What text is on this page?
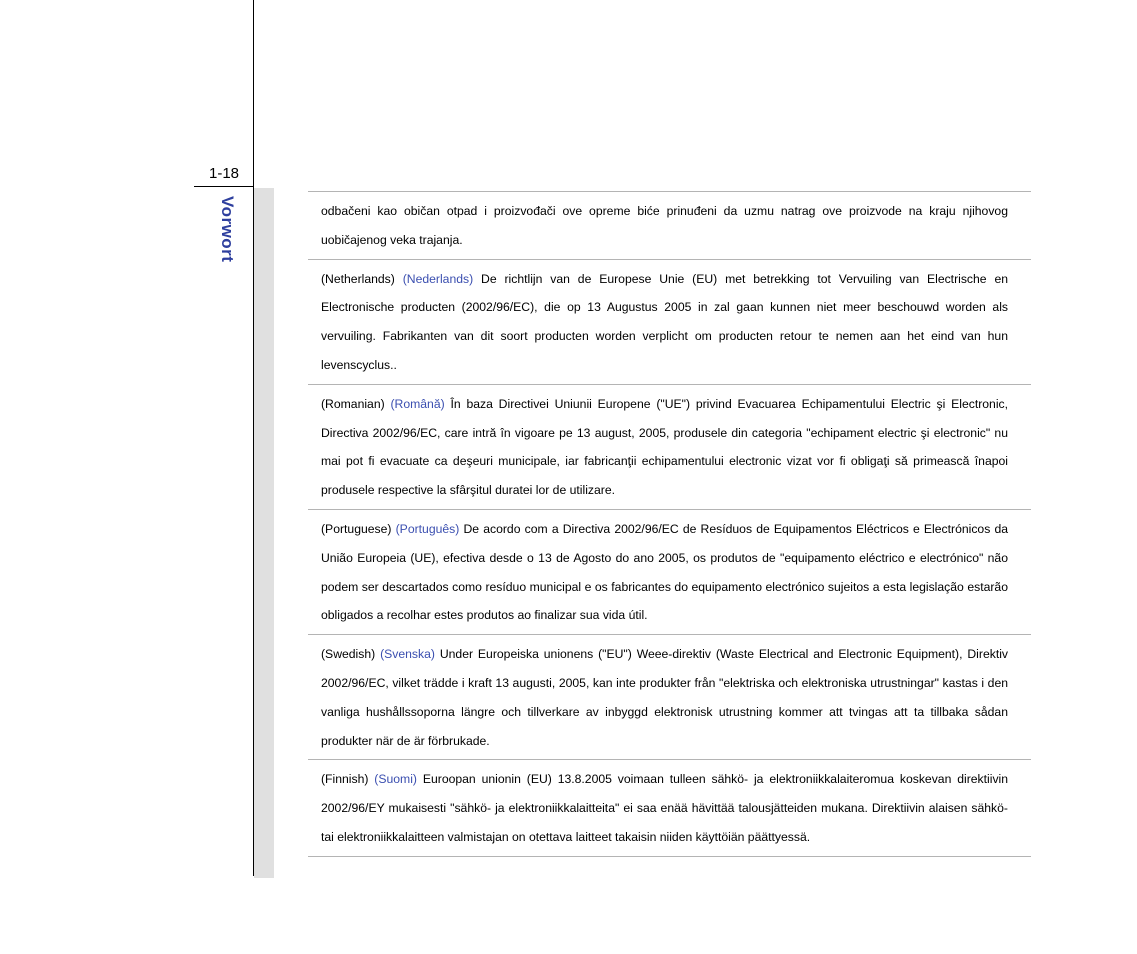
1-18
Vorwort	odbačeni kao običan otpad i proizvođači ove opreme biće prinuđeni da uzmu natrag ove proizvode na kraju njihovog uobičajenog veka trajanja.
(Netherlands) (Nederlands) De richtlijn van de Europese Unie (EU) met betrekking tot Vervuiling van Electrische en Electronische producten (2002/96/EC), die op 13 Augustus 2005 in zal gaan kunnen niet meer beschouwd worden als vervuiling. Fabrikanten van dit soort producten worden verplicht om producten retour te nemen aan het eind van hun levenscyclus..
(Romanian) (Română) În baza Directivei Uniunii Europene ("UE") privind Evacuarea Echipamentului Electric şi Electronic, Directiva 2002/96/EC, care intră în vigoare pe 13 august, 2005, produsele din categoria "echipament electric şi electronic" nu mai pot fi evacuate ca deşeuri municipale, iar fabricanţii echipamentului electronic vizat vor fi obligaţi să primească înapoi produsele respective la sfârşitul duratei lor de utilizare.
(Portuguese) (Português) De acordo com a Directiva 2002/96/EC de Resíduos de Equipamentos Eléctricos e Electrónicos da União Europeia (UE), efectiva desde o 13 de Agosto do ano 2005, os produtos de "equipamento eléctrico e electrónico" não podem ser descartados como resíduo municipal e os fabricantes do equipamento electrónico sujeitos a esta legislação estarão obligados a recolhar estes produtos ao finalizar sua vida útil.
(Swedish) (Svenska) Under Europeiska unionens ("EU") Weee-direktiv (Waste Electrical and Electronic Equipment), Direktiv 2002/96/EC, vilket trädde i kraft 13 augusti, 2005, kan inte produkter från "elektriska och elektroniska utrustningar" kastas i den vanliga hushållssoporna längre och tillverkare av inbyggd elektronisk utrustning kommer att tvingas att ta tillbaka sådan produkter när de är förbrukade.
(Finnish) (Suomi) Euroopan unionin (EU) 13.8.2005 voimaan tulleen sähkö- ja elektroniikkalaiteromua koskevan direktiivin 2002/96/EY mukaisesti "sähkö- ja elektroniikkalaitteita" ei saa enää hävittää talousjätteiden mukana. Direktiivin alaisen sähkö- tai elektroniikkalaitteen valmistajan on otettava laitteet takaisin niiden käyttöiän päättyessä.
